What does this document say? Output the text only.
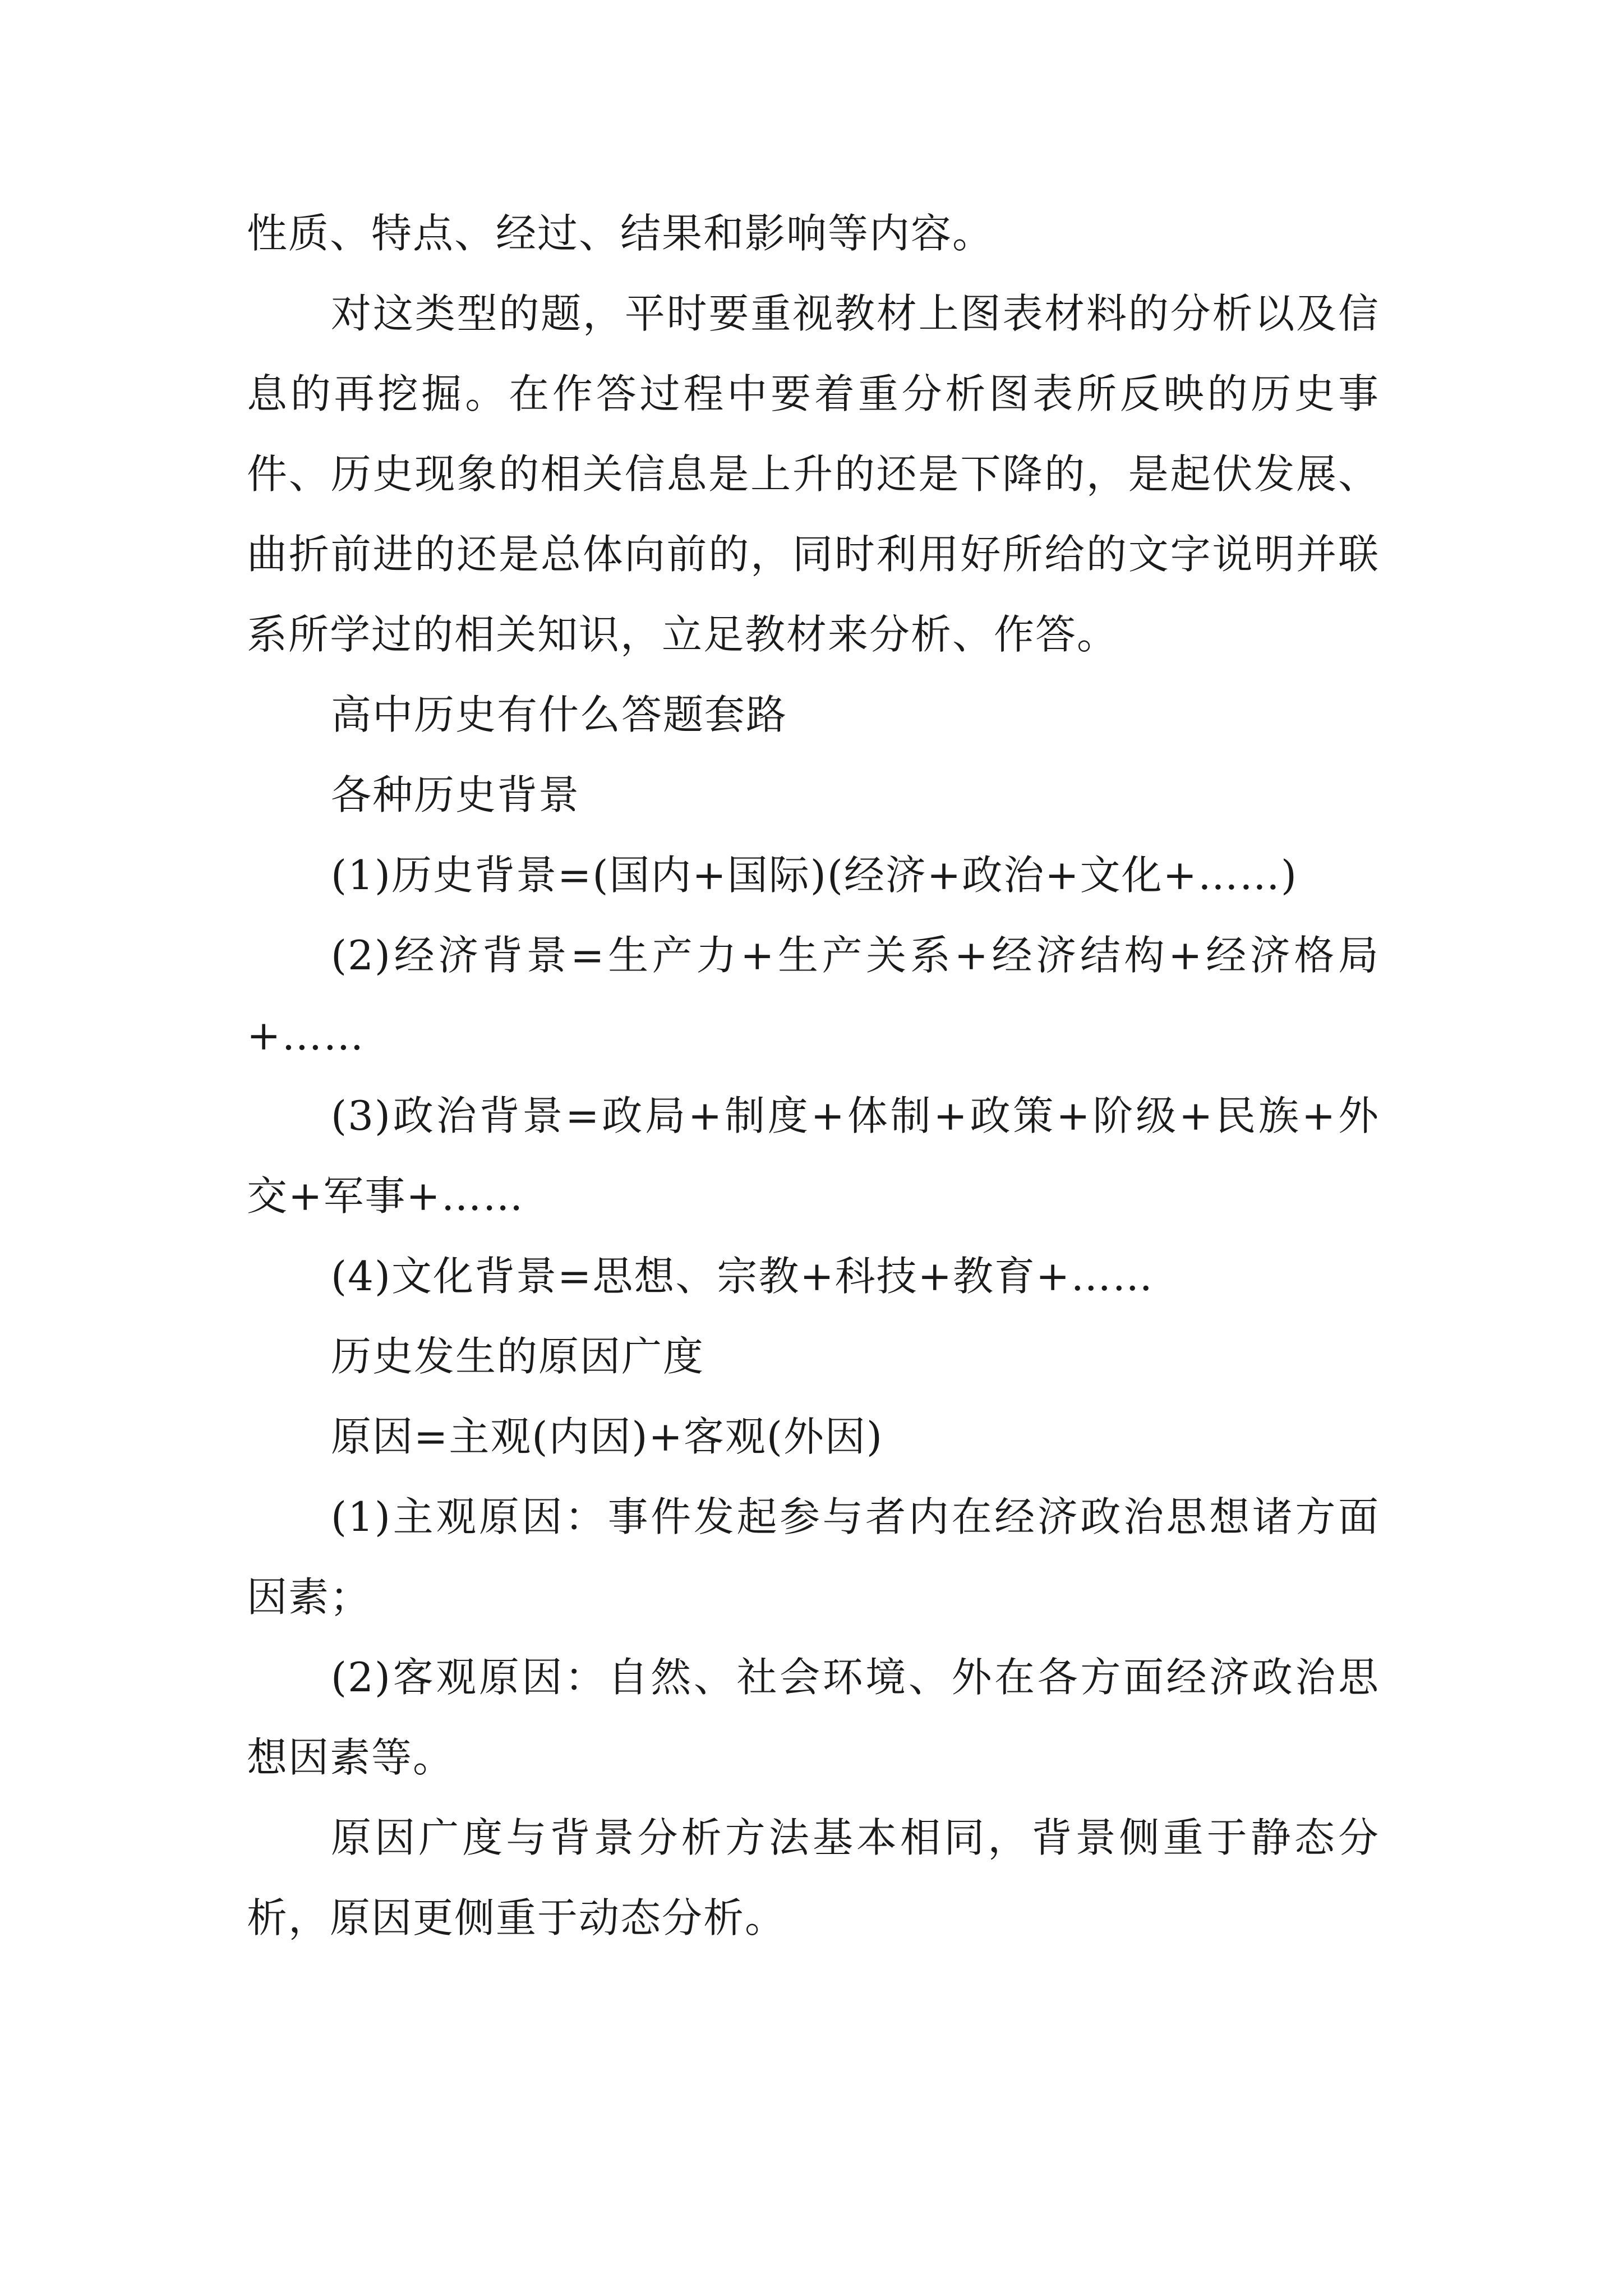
性质、特点、经过、结果和影响等内容。

对这类型的题，平时要重视教材上图表材料的分析以及信息的再挖掘。在作答过程中要着重分析图表所反映的历史事件、历史现象的相关信息是上升的还是下降的，是起伏发展、曲折前进的还是总体向前的，同时利用好所给的文字说明并联系所学过的相关知识，立足教材来分析、作答。

高中历史有什么答题套路

各种历史背景

(1)历史背景=(国内+国际)(经济+政治+文化+……)

(2)经济背景=生产力+生产关系+经济结构+经济格局+……

(3)政治背景=政局+制度+体制+政策+阶级+民族+外交+军事+……

(4)文化背景=思想、宗教+科技+教育+……

历史发生的原因广度

原因=主观(内因)+客观(外因)

(1)主观原因：事件发起参与者内在经济政治思想诸方面因素；

(2)客观原因：自然、社会环境、外在各方面经济政治思想因素等。

原因广度与背景分析方法基本相同，背景侧重于静态分析，原因更侧重于动态分析。
